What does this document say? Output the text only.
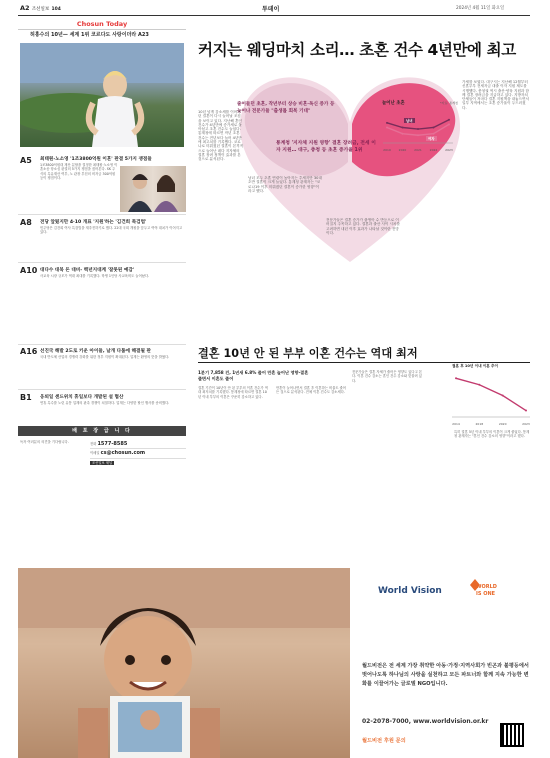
A2 조선일보 104	투데이	2024년 4월 11일 화요일
Chosun Today
허홍수의 10년— 세계 1위 코르다도 사랑이더라 A23
A5 최태원-노소영 '1조3800억원 이혼' 판결 5가지 쟁점들
1조3800억원대 재산 분할을 결정한 최태원·노소영 이혼소송 항소심 판결의 5가지 쟁점을 짚어본다. SK 주식의 특유재산 여부, 노 관장 부친의 비자금 300억원 등이 쟁점이다.
A8 전당 앞뒀지만 4·10 개표 '지원'하는 '김건희 특검법'
민주당은 김건희 여사 특검법을 재추진하기로 했다. 22대 국회 개원을 앞두고 여야 대치가 이어지고 있다.
A10 대다수 대북 돈 대비- 백년지대계 '잘못된 예감'
사교육 시장 규모가 역대 최대를 기록했다. 학생 1인당 사교육비도 늘어났다.
A16 선진국 해발 2도로 키운 아이들, 날개 다툼에 해결될 판
국내 반도체 산업의 경쟁력 강화를 위한 정부 지원이 확대된다. 업계는 환영의 뜻을 밝혔다.
B1 웅퇴일 센드위치 휴일보다 개발된 설 협산
연휴 특수를 노린 유통 업계의 판촉 경쟁이 치열하다. 업계는 다양한 할인 행사를 준비했다.
배 포 장 급 니 다
독자 여러분의 의견을 기다립니다.	전화 1577-8585
이메일 cs@chosun.com
조선일보 채널
커지는 웨딩마치 소리… 초혼 건수 4년만에 최고
줄어들던 초혼, 작년부터 상승 비혼·독신 증가 등 늦어나 전문가들 "출생률 회복 기대"
통계청 '지자체 지원 영향' 결혼 장려금, 전세 이자 지원… 대구, 충청 등 초혼 증가율 1위
늘어난 초혼	*자료: 통계청
2019	2020	2021	2022	2023
남녀
여자
10년 넘게 감소세를 이어가던 결혼이 다시 늘어날 조짐을 보이고 있다. 지난해 혼인 건수가 4년만에 증가세로 돌아섰고 초혼 건수도 늘었다. 통계청에 따르면 작년 초혼 건수는 전년보다 늘어 4년만에 최고치를 기록했다. 코로나로 미뤄졌던 결혼이 본격적으로 늘어난 데다 지자체의 결혼 장려 정책이 효과를 본 것으로 분석된다.
남녀 모두 초혼 연령이 높아지는 추세지만 30대 초반 결혼이 크게 늘었다. 통계청 관계자는 "코로나19 이후 미뤄졌던 결혼이 증가한 영향"이라고 했다.
전문가들은 결혼 증가가 출생아 수 반등으로 이어질지 주목하고 있다. 결혼과 출산 사이 시차를 고려하면 내년 이후 효과가 나타날 것이란 전망이다.
가세를 보였다. 대구시는 지난해 12월부터 신혼부부 전세자금 대출 이자 지원 제도를 시행했다. 충청권 역시 출산·양육 지원과 함께 결혼 장려금을 지급하고 있다. 지방자치단체들이 저마다 결혼 지원책을 내놓으면서 일부 지역에서는 초혼 증가율이 두드러졌다.
결혼 10년 안 된 부부 이혼 건수는 역대 최저
1분기 7,858 건, 1년새 6.8% 줄어 만혼 늘어난 영향·결혼 줄면서 이혼도 줄어
결혼 기간이 10년이 안 된 부부의 이혼 건수가 역대 최저치를 기록했다. 통계청에 따르면 결혼 10년 이내 부부의 이혼은 꾸준히 감소하고 있다.
만혼이 늘어나면서 결혼 후 이혼하는 비율도 줄어든 것으로 분석된다. 전체 이혼 건수도 감소세다.
전문가들은 결혼 자체가 줄어든 영향도 있다고 본다. 이혼 건수 감소는 혼인 건수 감소와 맞물려 있다.
특히 결혼 5년 이내 부부의 이혼이 크게 줄었다. 통계청 관계자는 "혼인 건수 감소의 영향"이라고 했다.
결혼 후 10년 이내 이혼 추이
2014	2018	2020	2023
World Vision	WORLD
IS ONE
월드비전은 전 세계 가장 취약한 아동·가정·지역사회가 빈곤과 불평등에서 벗어나도록 하나님의 사랑을 실천하고 모든 파트너와 함께 지속 가능한 변화를 이끌어가는 글로벌 NGO입니다.
02-2078-7000, www.worldvision.or.kr
월드비전 후원 문의
